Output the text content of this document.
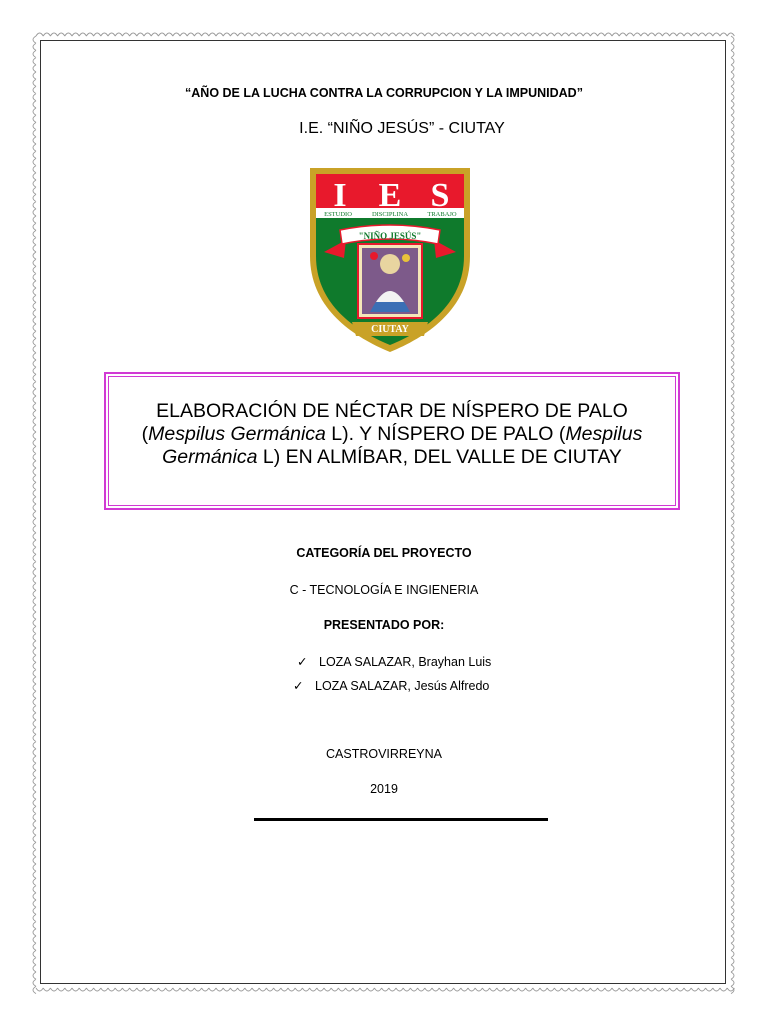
“AÑO DE LA LUCHA CONTRA LA CORRUPCION Y LA IMPUNIDAD”
I.E. “NIÑO JESÚS” - CIUTAY
I E S
ESTUDIO	DISCIPLINA	TRABAJO
"NIÑO JESÚS"
CIUTAY
ELABORACIÓN DE NÉCTAR DE NÍSPERO DE PALO
(Mespilus Germánica L). Y NÍSPERO DE PALO (Mespilus
Germánica L) EN ALMÍBAR, DEL VALLE DE CIUTAY
CATEGORÍA DEL PROYECTO
C - TECNOLOGÍA E INGIENERIA
PRESENTADO POR:
✓ LOZA SALAZAR, Brayhan Luis
✓ LOZA SALAZAR, Jesús Alfredo
CASTROVIRREYNA
2019
